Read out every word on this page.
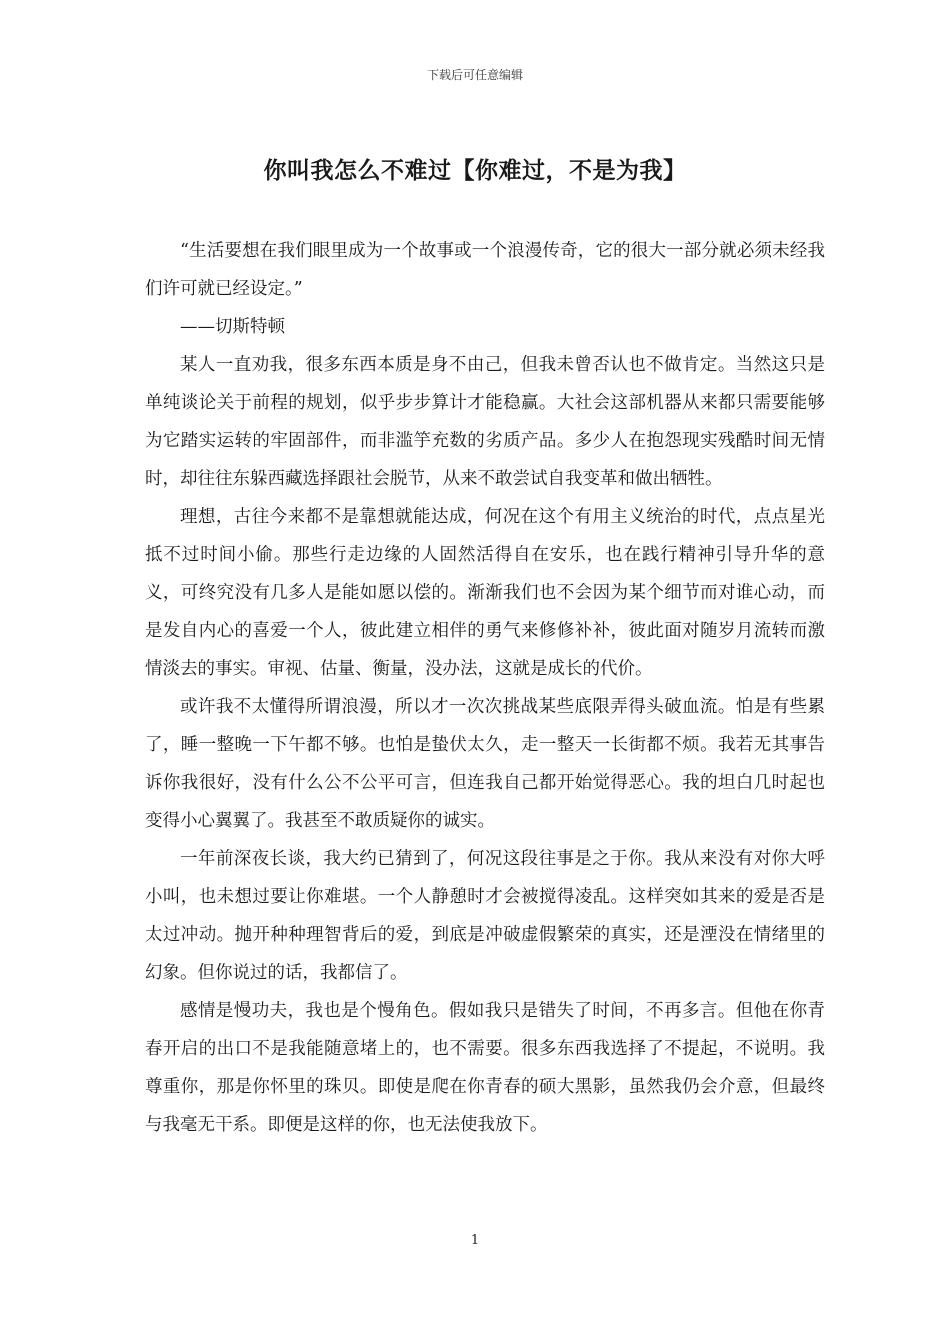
下载后可任意编辑
你叫我怎么不难过【你难过，不是为我】

“生活要想在我们眼里成为一个故事或一个浪漫传奇，它的很大一部分就必须未经我们许可就已经设定。”

——切斯特顿

某人一直劝我，很多东西本质是身不由己，但我未曾否认也不做肯定。当然这只是单纯谈论关于前程的规划，似乎步步算计才能稳赢。大社会这部机器从来都只需要能够为它踏实运转的牢固部件，而非滥竽充数的劣质产品。多少人在抱怨现实残酷时间无情时，却往往东躲西藏选择跟社会脱节，从来不敢尝试自我变革和做出牺牲。

理想，古往今来都不是靠想就能达成，何况在这个有用主义统治的时代，点点星光抵不过时间小偷。那些行走边缘的人固然活得自在安乐，也在践行精神引导升华的意义，可终究没有几多人是能如愿以偿的。渐渐我们也不会因为某个细节而对谁心动，而是发自内心的喜爱一个人，彼此建立相伴的勇气来修修补补，彼此面对随岁月流转而激情淡去的事实。审视、估量、衡量，没办法，这就是成长的代价。

或许我不太懂得所谓浪漫，所以才一次次挑战某些底限弄得头破血流。怕是有些累了，睡一整晚一下午都不够。也怕是蛰伏太久，走一整天一长街都不烦。我若无其事告诉你我很好，没有什么公不公平可言，但连我自己都开始觉得恶心。我的坦白几时起也变得小心翼翼了。我甚至不敢质疑你的诚实。

一年前深夜长谈，我大约已猜到了，何况这段往事是之于你。我从来没有对你大呼小叫，也未想过要让你难堪。一个人静憩时才会被搅得凌乱。这样突如其来的爱是否是太过冲动。抛开种种理智背后的爱，到底是冲破虚假繁荣的真实，还是湮没在情绪里的幻象。但你说过的话，我都信了。

感情是慢功夫，我也是个慢角色。假如我只是错失了时间，不再多言。但他在你青春开启的出口不是我能随意堵上的，也不需要。很多东西我选择了不提起，不说明。我尊重你，那是你怀里的珠贝。即使是爬在你青春的硕大黑影，虽然我仍会介意，但最终与我毫无干系。即便是这样的你，也无法使我放下。

1
